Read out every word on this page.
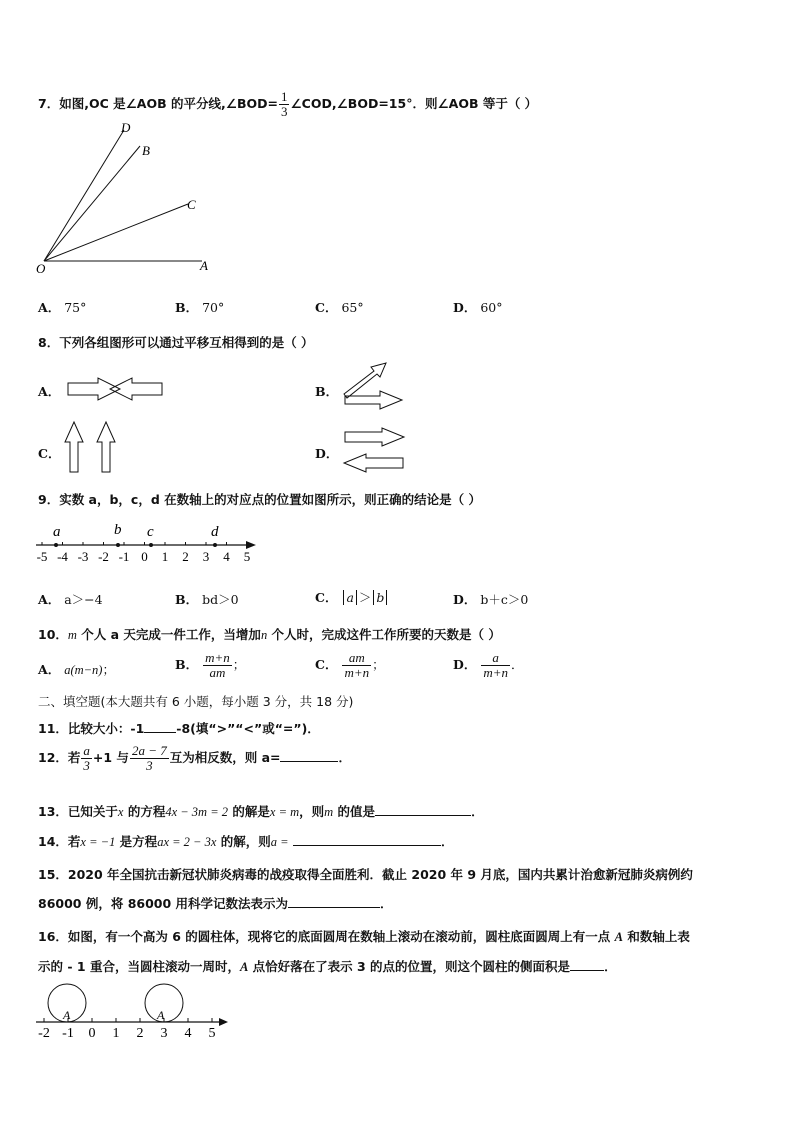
7．如图,OC 是∠AOB 的平分线,∠BOD= $\frac{1}{3}$ ∠COD,∠BOD=15°．则∠AOB 等于（ ）
D
B
C
O	A
A． 75°	B． 70°	C． 65°	D． 60°
8．下列各组图形可以通过平移互相得到的是（ ）
A．	B．
C．	D．
9．实数 a，b，c，d 在数轴上的对应点的位置如图所示，则正确的结论是（ ）
-5 -4 -3 -2 -1 0 1 2 3 4 5
a	b c	d
A． a＞−4	B． bd＞0	C． a ＞ b	D． b＋c＞0
10．m 个人 a 天完成一件工作，当增加n 个人时，完成这件工作所要的天数是（ ）
A． a(m−n)；	B． $\frac{m+n}{am}$ ；	C． $\frac{am}{m+n}$ ；	D． $\frac{a}{m+n}$ ．
二、填空题(本大题共有 6 小题，每小题 3 分，共 18 分)
11．比较大小：-1	-8(填“>”“<”或“=”)．
12．若 $\frac{a}{3} +1$ 与 $\frac{2a - 7}{3}$ 互为相反数，则 a=	．
13．已知关于x 的方程4x − 3m = 2 的解是x = m，则m 的值是	．
14．若x = −1 是方程ax = 2 − 3x 的解，则a =	．
15．2020 年全国抗击新冠状肺炎病毒的战疫取得全面胜利．截止 2020 年 9 月底，国内共累计治愈新冠肺炎病例约
86000 例，将 86000 用科学记数法表示为	．
16．如图，有一个高为 6 的圆柱体，现将它的底面圆周在数轴上滚动在滚动前，圆柱底面圆周上有一点 A 和数轴上表
示的 - 1 重合，当圆柱滚动一周时，A 点恰好落在了表示 3 的点的位置，则这个圆柱的侧面积是	．
A	A
-2 -1 0 1 2 3 4 5
